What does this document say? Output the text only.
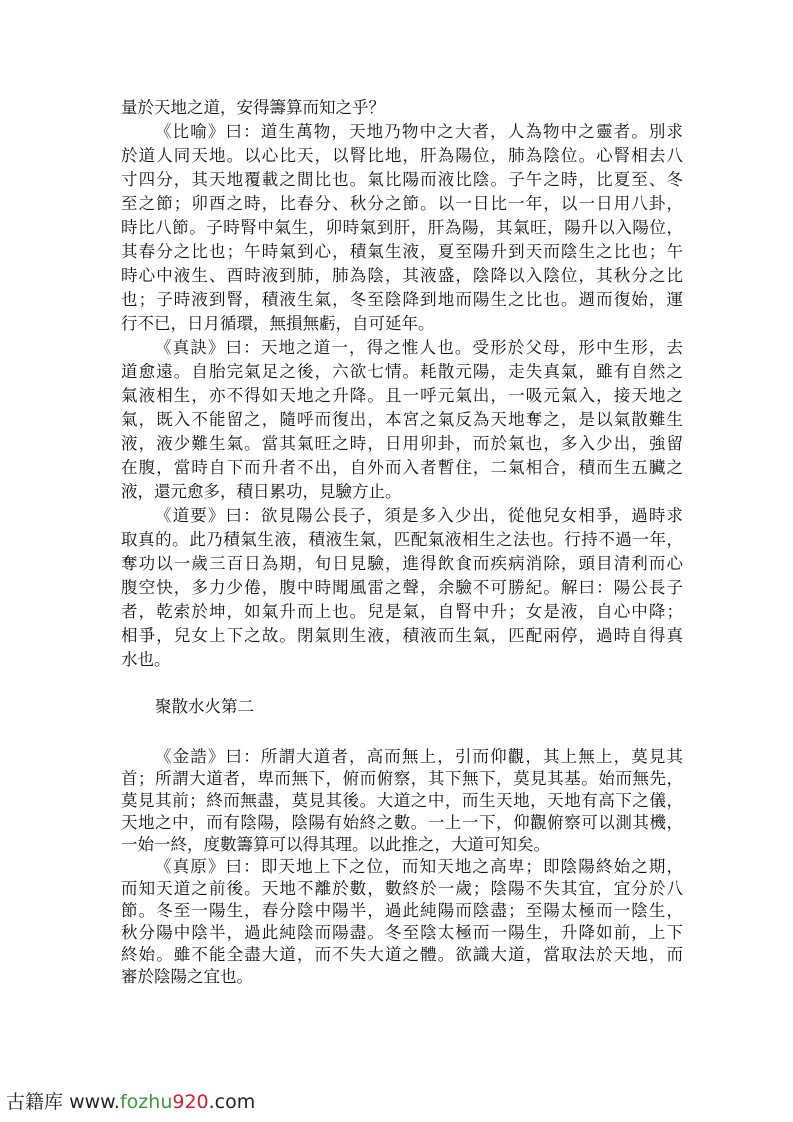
量於天地之道，安得籌算而知之乎？
《比喻》曰：道生萬物，天地乃物中之大者，人為物中之靈者。別求
於道人同天地。以心比天，以腎比地，肝為陽位，肺為陰位。心腎相去八
寸四分，其天地覆載之間比也。氣比陽而液比陰。子午之時，比夏至、冬
至之節；卯酉之時，比春分、秋分之節。以一日比一年，以一日用八卦，
時比八節。子時腎中氣生，卯時氣到肝，肝為陽，其氣旺，陽升以入陽位，
其春分之比也；午時氣到心，積氣生液，夏至陽升到天而陰生之比也；午
時心中液生、酉時液到肺，肺為陰，其液盛，陰降以入陰位，其秋分之比
也；子時液到腎，積液生氣，冬至陰降到地而陽生之比也。週而復始，運
行不已，日月循環，無損無虧，自可延年。
《真訣》曰：天地之道一，得之惟人也。受形於父母，形中生形，去
道愈遠。自胎完氣足之後，六欲七情。耗散元陽，走失真氣，雖有自然之
氣液相生，亦不得如天地之升降。且一呼元氣出，一吸元氣入，接天地之
氣，既入不能留之，隨呼而復出，本宮之氣反為天地奪之，是以氣散難生
液，液少難生氣。當其氣旺之時，日用卯卦，而於氣也，多入少出，強留
在腹，當時自下而升者不出，自外而入者暫住，二氣相合，積而生五臟之
液，還元愈多，積日累功，見驗方止。
《道要》曰：欲見陽公長子，須是多入少出，從他兒女相爭，過時求
取真的。此乃積氣生液，積液生氣，匹配氣液相生之法也。行持不過一年，
奪功以一歲三百日為期，旬日見驗，進得飲食而疾病消除，頭目清利而心
腹空快，多力少倦，腹中時聞風雷之聲，余驗不可勝紀。解曰：陽公長子
者，乾索於坤，如氣升而上也。兒是氣，自腎中升；女是液，自心中降；
相爭，兒女上下之故。閉氣則生液，積液而生氣，匹配兩停，過時自得真
水也。
聚散水火第二
《金誥》曰：所謂大道者，高而無上，引而仰觀，其上無上，莫見其
首；所謂大道者，卑而無下，俯而俯察，其下無下，莫見其基。始而無先，
莫見其前；終而無盡，莫見其後。大道之中，而生天地，天地有高下之儀，
天地之中，而有陰陽，陰陽有始終之數。一上一下，仰觀俯察可以測其機，
一始一終，度數籌算可以得其理。以此推之，大道可知矣。
《真原》曰：即天地上下之位，而知天地之高卑；即陰陽終始之期，
而知天道之前後。天地不離於數，數終於一歲；陰陽不失其宜，宜分於八
節。冬至一陽生，春分陰中陽半，過此純陽而陰盡；至陽太極而一陰生，
秋分陽中陰半，過此純陰而陽盡。冬至陰太極而一陽生，升降如前，上下
終始。雖不能全盡大道，而不失大道之體。欲識大道，當取法於天地，而
審於陰陽之宜也。
古籍库 www.fozhu920.com
